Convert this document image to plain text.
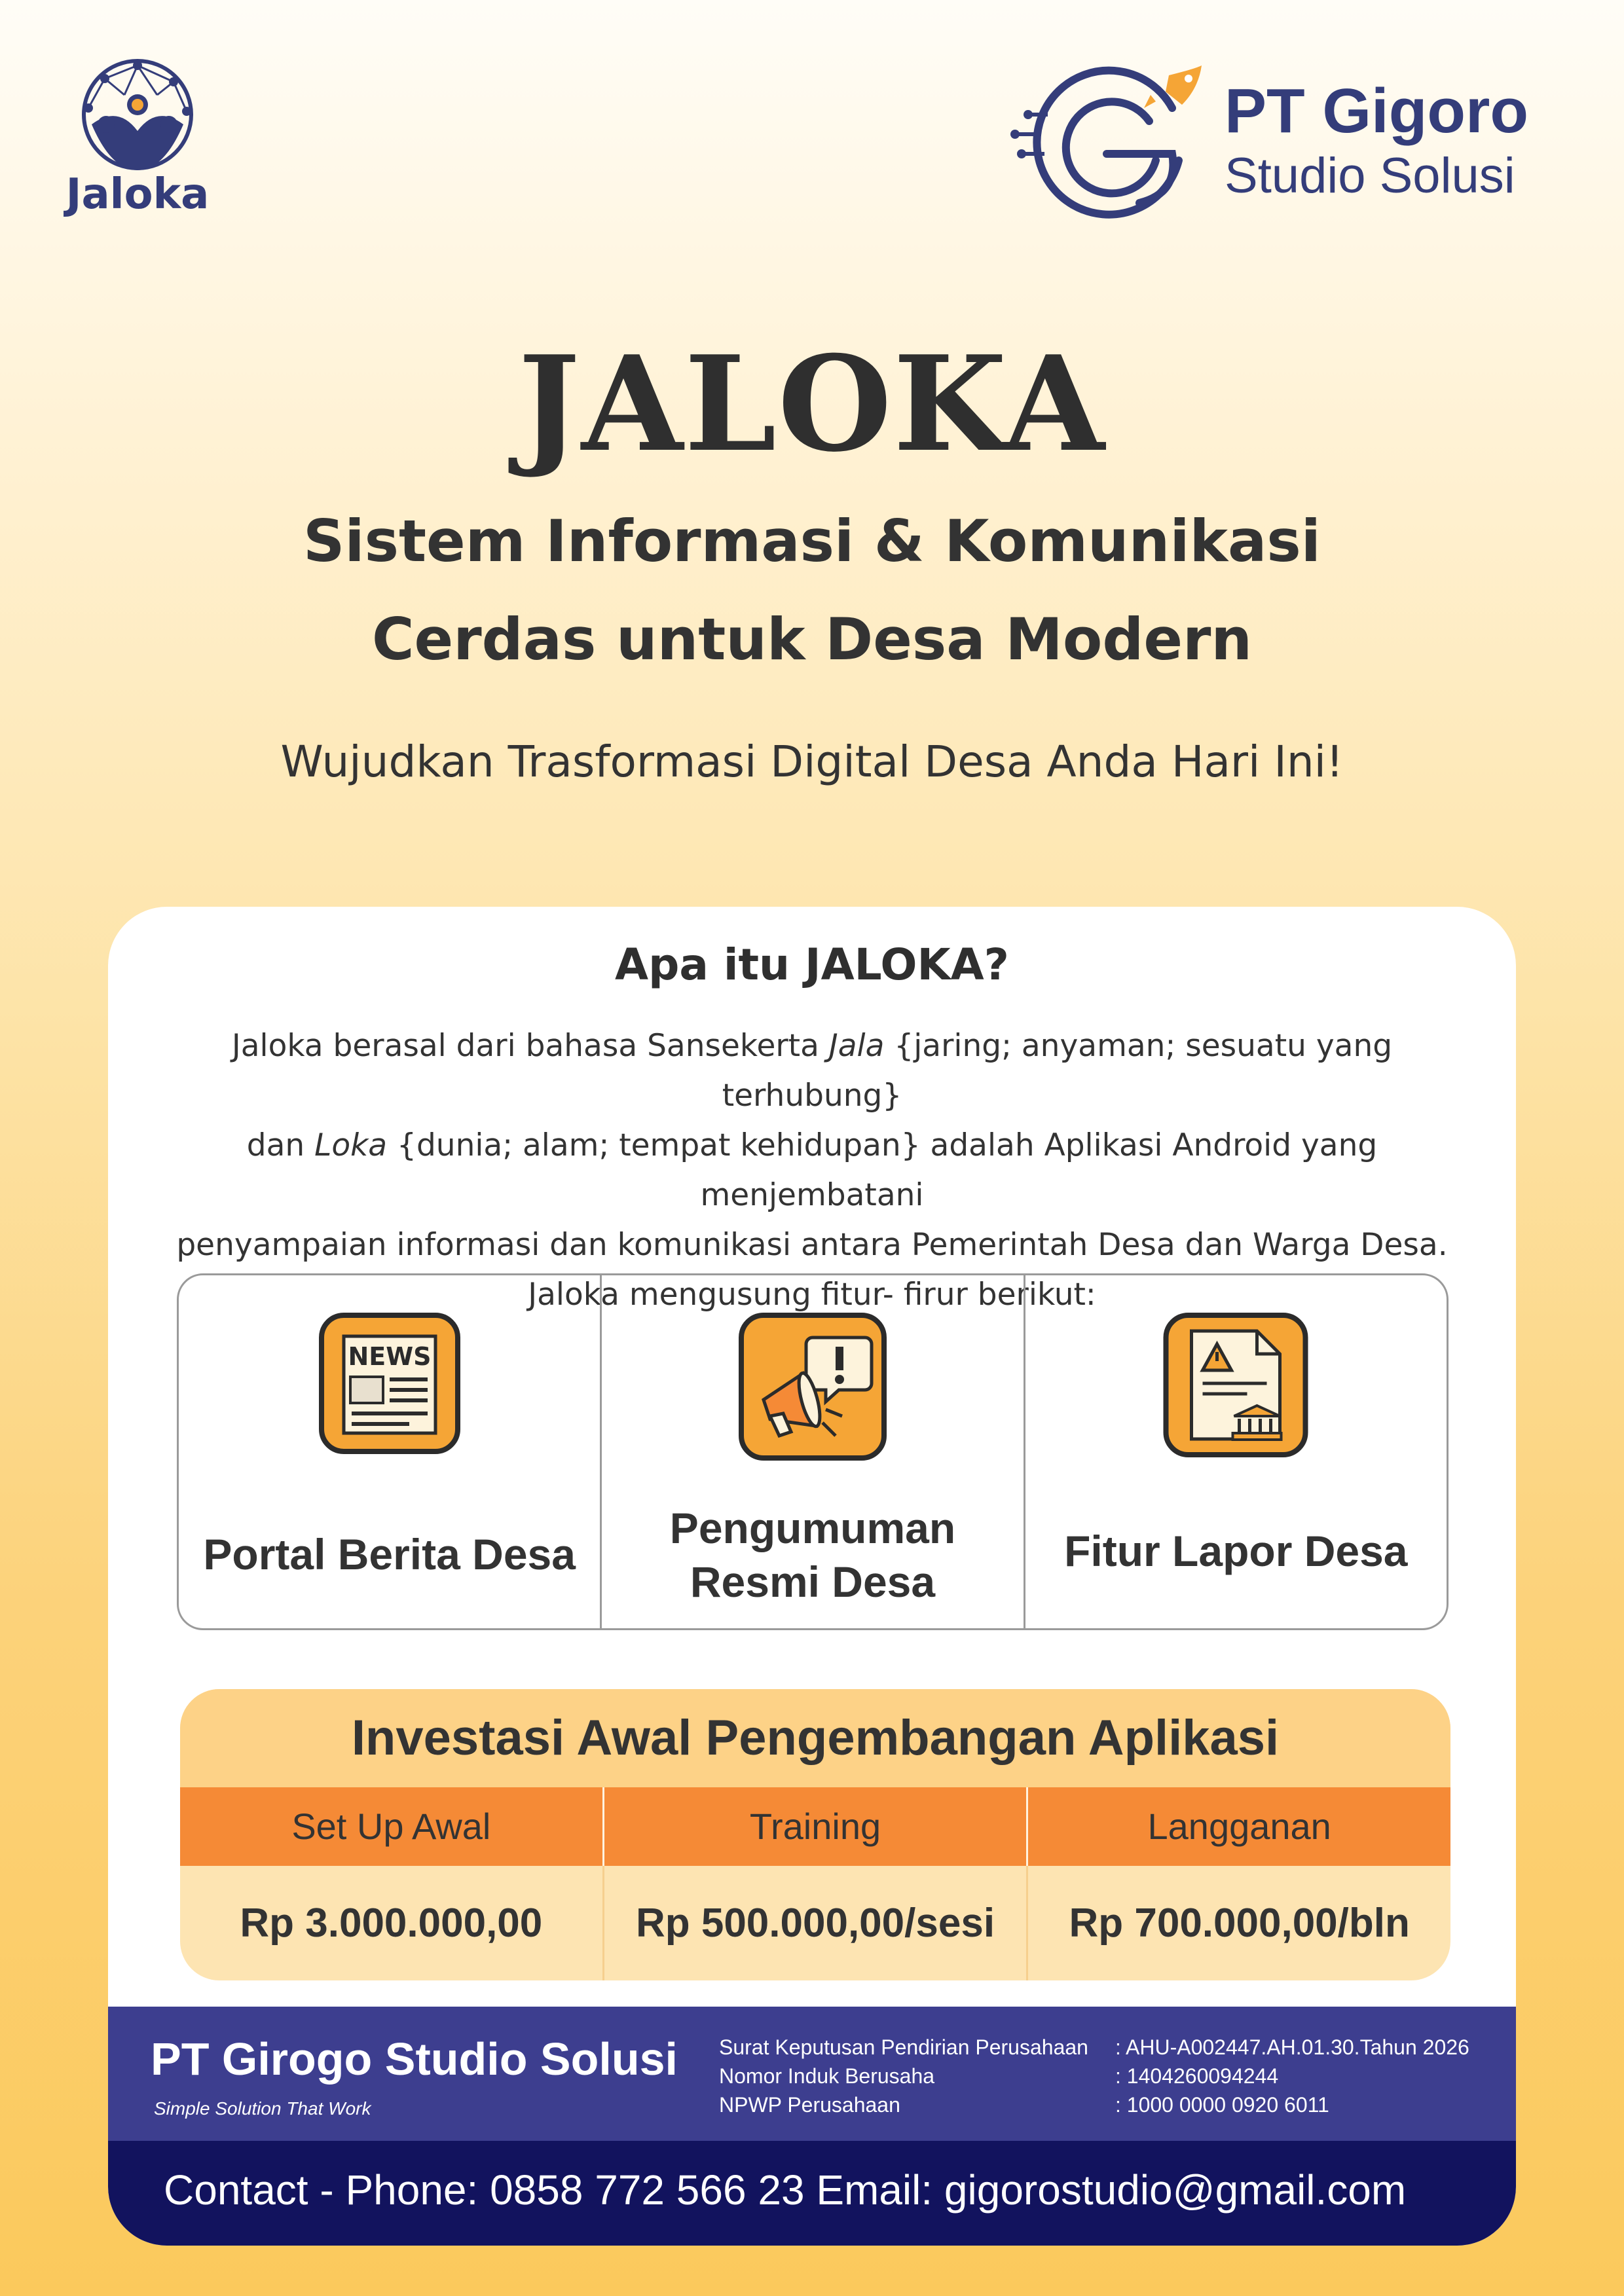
Jaloka
PT Gigoro
Studio Solusi
JALOKA
Sistem Informasi & Komunikasi
Cerdas untuk Desa Modern
Wujudkan Trasformasi Digital Desa Anda Hari Ini!
Apa itu JALOKA?
Jaloka berasal dari bahasa Sansekerta Jala {jaring; anyaman; sesuatu yang terhubung}
dan Loka {dunia; alam; tempat kehidupan} adalah Aplikasi Android yang menjembatani
penyampaian informasi dan komunikasi antara Pemerintah Desa dan Warga Desa.
Jaloka mengusung fitur- firur berikut:
NEWS
Portal Berita Desa
Pengumuman
Resmi Desa
Fitur Lapor Desa
Investasi Awal Pengembangan Aplikasi
Set Up Awal	Training	Langganan
Rp 3.000.000,00	Rp 500.000,00/sesi	Rp 700.000,00/bln
PT Girogo Studio Solusi
Simple Solution That Work
Surat Keputusan Pendirian Perusahaan	: AHU-A002447.AH.01.30.Tahun 2026
Nomor Induk Berusaha	: 1404260094244
NPWP Perusahaan	: 1000 0000 0920 6011
Contact - Phone: 0858 772 566 23 Email: gigorostudio@gmail.com
